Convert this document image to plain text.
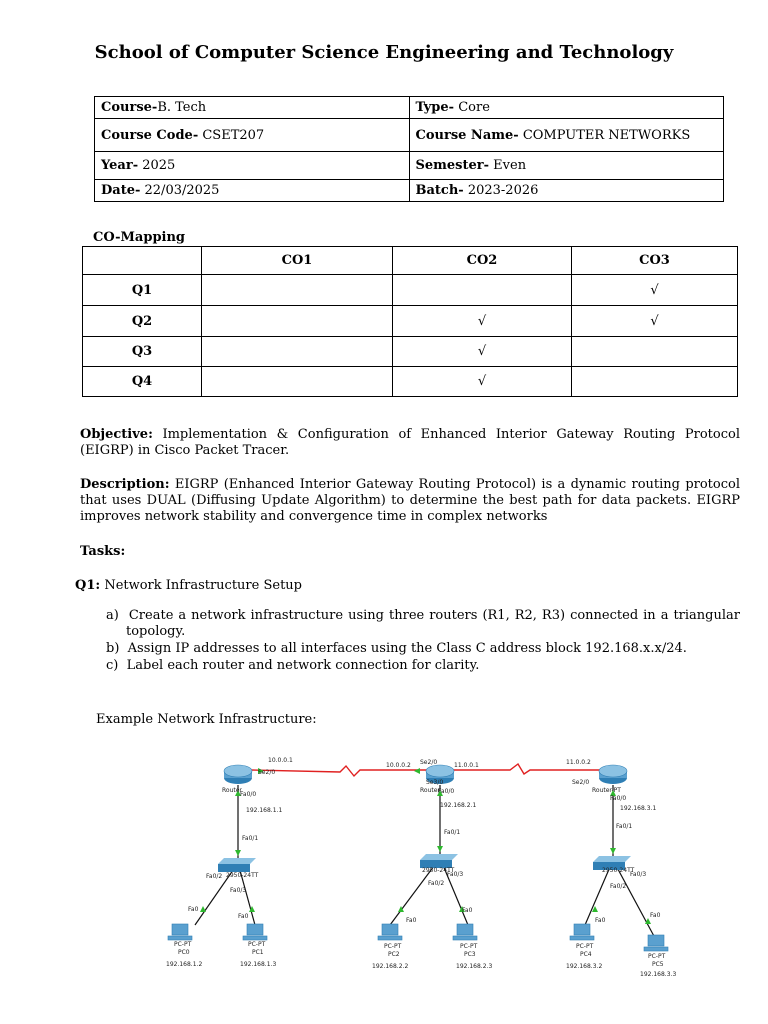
School of Computer Science Engineering and Technology
Course-B. Tech	Type- Core
Course Code- CSET207	Course Name- COMPUTER NETWORKS
Year- 2025	Semester- Even
Date- 22/03/2025	Batch- 2023-2026
CO-Mapping
	CO1	CO2	CO3
Q1			√
Q2		√	√
Q3		√	
Q4		√	
Objective: Implementation & Configuration of Enhanced Interior Gateway Routing Protocol (EIGRP) in Cisco Packet Tracer.
Description: EIGRP (Enhanced Interior Gateway Routing Protocol) is a dynamic routing protocol that uses DUAL (Diffusing Update Algorithm) to determine the best path for data packets. EIGRP improves network stability and convergence time in complex networks
Tasks:
Q1: Network Infrastructure Setup
a) Create a network infrastructure using three routers (R1, R2, R3) connected in a triangular topology.
b) Assign IP addresses to all interfaces using the Class C address block 192.168.x.x/24.
c) Label each router and network connection for clarity.
Example Network Infrastructure:
10.0.0.1
Se2/0
10.0.0.2 Se2/0	11.0.0.1
Se3/0
11.0.0.2
Se2/0
Router
Fa0/0
192.168.1.1
Fa0/1
Router
Fa0/0
192.168.2.1
Fa0/1
Router-PT
Fa0/0
192.168.3.1
Fa0/1
2950-24TT
Fa0/2
Fa0/3
2950-24TT
Fa0/2
Fa0/3
2950-24TT
Fa0/2
Fa0/3
Fa0
PC-PT
PC0
192.168.1.2
Fa0
PC-PT
PC1
192.168.1.3
Fa0
PC-PT
PC2
192.168.2.2
Fa0
PC-PT
PC3
192.168.2.3
Fa0
PC-PT
PC4
192.168.3.2
Fa0
PC-PT
PC5
192.168.3.3
